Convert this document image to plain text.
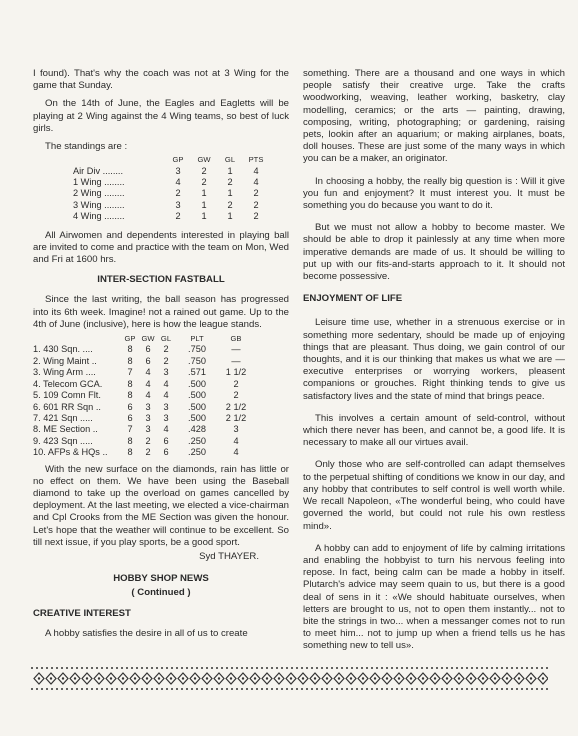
I found). That's why the coach was not at 3 Wing for the game that Sunday.

On the 14th of June, the Eagles and Eagletts will be playing at 2 Wing against the 4 Wing teams, so best of luck girls.

The standings are :

	GP	GW	GL	PTS
Air Div ........	3	2	1	4
1 Wing ........	4	2	2	4
2 Wing ........	2	1	1	2
3 Wing ........	3	1	2	2
4 Wing ........	2	1	1	2

All Airwomen and dependents interested in playing ball are invited to come and practice with the team on Mon, Wed and Fri at 1600 hrs.

INTER-SECTION FASTBALL

Since the last writing, the ball season has progressed into its 6th week. Imagine! not a rained out game. Up to the 4th of June (inclusive), here is how the league stands.

	GP	GW	GL	PLT	GB
1. 430 Sqn. ....	8	6	2	.750	—
2. Wing Maint ..	8	6	2	.750	—
3. Wing Arm ....	7	4	3	.571	1 1/2
4. Telecom GCA.	8	4	4	.500	2
5. 109 Comn Flt.	8	4	4	.500	2
6. 601 RR Sqn ..	6	3	3	.500	2 1/2
7. 421 Sqn .....	6	3	3	.500	2 1/2
8. ME Section ..	7	3	4	.428	3
9. 423 Sqn .....	8	2	6	.250	4
10. AFPs & HQs ..	8	2	6	.250	4

With the new surface on the diamonds, rain has little or no effect on them. We have been using the Baseball diamond to take up the overload on games cancelled by deployment. At the last meeting, we elected a vice-chairman and Cpl Crooks from the ME Section was given the honour. Let's hope that the weather will continue to be excellent. So till next issue, if you play sports, be a good sport.

Syd THAYER.
HOBBY SHOP NEWS
( Continued )
CREATIVE INTEREST

A hobby satisfies the desire in all of us to create

something. There are a thousand and one ways in which people satisfy their creative urge. Take the crafts woodworking, weaving, leather working, basketry, clay modelling, ceramics; or the arts — painting, drawing, composing, writing, photographing; or gardening, raising pets, lookin after an aquarium; or making airplanes, boats, doll houses. These are just some of the many ways in which you can be a maker, an originator.

In choosing a hobby, the really big question is : Will it give you fun and enjoyment? It must interest you. It must be something you do because you want to do it.

But we must not allow a hobby to become master. We should be able to drop it painlessly at any time when more imperative demands are made of us. It should be willing to put up with our fits-and-starts approach to it. It should not become possessive.

ENJOYMENT OF LIFE

Leisure time use, whether in a strenuous exercise or in something more sedentary, should be made up of enjoying things that are pleasant. Thus doing, we gain control of our thoughts, and it is our thinking that makes us what we are — executive enterprises or worrying workers, pleasent companions or grouches. Right thinking tends to give us satisfactory lives and the state of mind that brings peace.

This involves a certain amount of seld-control, without which there never has been, and cannot be, a good life. It is necessary to make all our virtues avail.

Only those who are self-controlled can adapt themselves to the perpetual shifting of conditions we know in our day, and any hobby that contributes to self control is well worth while. We recall Napoleon, «The wonderful being, who could have governed the world, but could not rule his own restless mind».

A hobby can add to enjoyment of life by calming irritations and enabling the hobbyist to turn his nervous feeling into repose. In fact, being calm can be made a hobby in itself. Plutarch's advice may seem quain to us, but there is a good deal of sens in it : «We should habituate ourselves, when letters are brought to us, not to open them instantly... not to bite the strings in two... when a messanger comes not to run to meet him... not to jump up when a friend tells us he has something new to tell us».
